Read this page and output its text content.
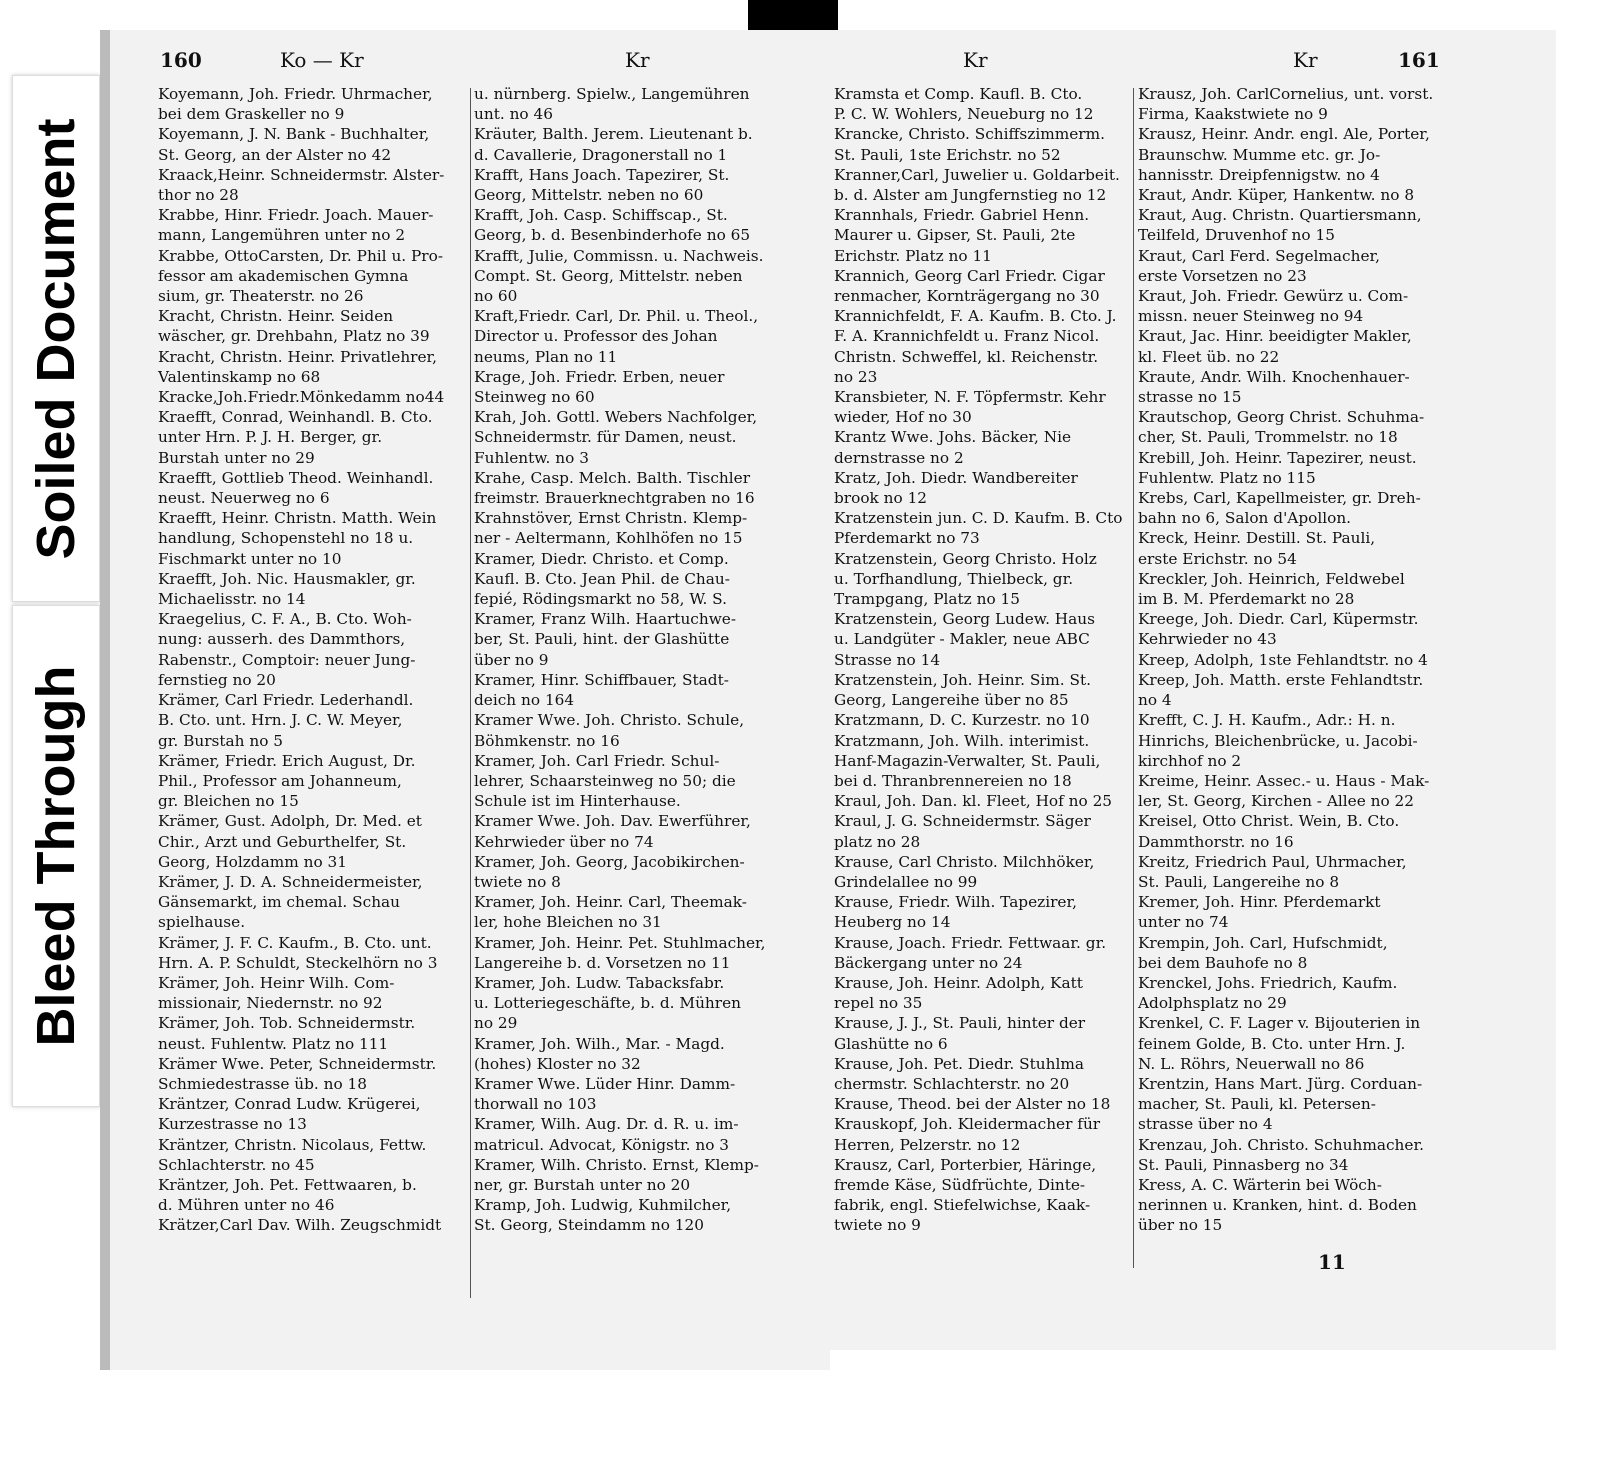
Soiled Document
Bleed Through
160	Ko — Kr	Kr

Koyemann, Joh. Friedr. Uhrmacher,

bei dem Graskeller no 9

Koyemann, J. N. Bank - Buchhalter,

St. Georg, an der Alster no 42

Kraack,Heinr. Schneidermstr. Alster-

thor no 28

Krabbe, Hinr. Friedr. Joach. Mauer-

mann, Langemühren unter no 2

Krabbe, OttoCarsten, Dr. Phil u. Pro-

fessor am akademischen Gymna

sium, gr. Theaterstr. no 26

Kracht, Christn. Heinr. Seiden

wäscher, gr. Drehbahn, Platz no 39

Kracht, Christn. Heinr. Privatlehrer,

Valentinskamp no 68

Kracke,Joh.Friedr.Mönkedamm no44

Kraefft, Conrad, Weinhandl. B. Cto.

unter Hrn. P. J. H. Berger, gr.

Burstah unter no 29

Kraefft, Gottlieb Theod. Weinhandl.

neust. Neuerweg no 6

Kraefft, Heinr. Christn. Matth. Wein

handlung, Schopenstehl no 18 u.

Fischmarkt unter no 10

Kraefft, Joh. Nic. Hausmakler, gr.

Michaelisstr. no 14

Kraegelius, C. F. A., B. Cto. Woh-

nung: ausserh. des Dammthors,

Rabenstr., Comptoir: neuer Jung-

fernstieg no 20

Krämer, Carl Friedr. Lederhandl.

B. Cto. unt. Hrn. J. C. W. Meyer,

gr. Burstah no 5

Krämer, Friedr. Erich August, Dr.

Phil., Professor am Johanneum,

gr. Bleichen no 15

Krämer, Gust. Adolph, Dr. Med. et

Chir., Arzt und Geburthelfer, St.

Georg, Holzdamm no 31

Krämer, J. D. A. Schneidermeister,

Gänsemarkt, im chemal. Schau

spielhause.

Krämer, J. F. C. Kaufm., B. Cto. unt.

Hrn. A. P. Schuldt, Steckelhörn no 3

Krämer, Joh. Heinr Wilh. Com-

missionair, Niedernstr. no 92

Krämer, Joh. Tob. Schneidermstr.

neust. Fuhlentw. Platz no 111

Krämer Wwe. Peter, Schneidermstr.

Schmiedestrasse üb. no 18

Kräntzer, Conrad Ludw. Krügerei,

Kurzestrasse no 13

Kräntzer, Christn. Nicolaus, Fettw.

Schlachterstr. no 45

Kräntzer, Joh. Pet. Fettwaaren, b.

d. Mühren unter no 46

Krätzer,Carl Dav. Wilh. Zeugschmidt

u. nürnberg. Spielw., Langemühren

unt. no 46

Kräuter, Balth. Jerem. Lieutenant b.

d. Cavallerie, Dragonerstall no 1

Krafft, Hans Joach. Tapezirer, St.

Georg, Mittelstr. neben no 60

Krafft, Joh. Casp. Schiffscap., St.

Georg, b. d. Besenbinderhofe no 65

Krafft, Julie, Commissn. u. Nachweis.

Compt. St. Georg, Mittelstr. neben

no 60

Kraft,Friedr. Carl, Dr. Phil. u. Theol.,

Director u. Professor des Johan

neums, Plan no 11

Krage, Joh. Friedr. Erben, neuer

Steinweg no 60

Krah, Joh. Gottl. Webers Nachfolger,

Schneidermstr. für Damen, neust.

Fuhlentw. no 3

Krahe, Casp. Melch. Balth. Tischler

freimstr. Brauerknechtgraben no 16

Krahnstöver, Ernst Christn. Klemp-

ner - Aeltermann, Kohlhöfen no 15

Kramer, Diedr. Christo. et Comp.

Kaufl. B. Cto. Jean Phil. de Chau-

fepié, Rödingsmarkt no 58, W. S.

Kramer, Franz Wilh. Haartuchwe-

ber, St. Pauli, hint. der Glashütte

über no 9

Kramer, Hinr. Schiffbauer, Stadt-

deich no 164

Kramer Wwe. Joh. Christo. Schule,

Böhmkenstr. no 16

Kramer, Joh. Carl Friedr. Schul-

lehrer, Schaarsteinweg no 50; die

Schule ist im Hinterhause.

Kramer Wwe. Joh. Dav. Ewerführer,

Kehrwieder über no 74

Kramer, Joh. Georg, Jacobikirchen-

twiete no 8

Kramer, Joh. Heinr. Carl, Theemak-

ler, hohe Bleichen no 31

Kramer, Joh. Heinr. Pet. Stuhlmacher,

Langereihe b. d. Vorsetzen no 11

Kramer, Joh. Ludw. Tabacksfabr.

u. Lotteriegeschäfte, b. d. Mühren

no 29

Kramer, Joh. Wilh., Mar. - Magd.

(hohes) Kloster no 32

Kramer Wwe. Lüder Hinr. Damm-

thorwall no 103

Kramer, Wilh. Aug. Dr. d. R. u. im-

matricul. Advocat, Königstr. no 3

Kramer, Wilh. Christo. Ernst, Klemp-

ner, gr. Burstah unter no 20

Kramp, Joh. Ludwig, Kuhmilcher,

St. Georg, Steindamm no 120

Kr	Kr	161

Kramsta et Comp. Kaufl. B. Cto.

P. C. W. Wohlers, Neueburg no 12

Krancke, Christo. Schiffszimmerm.

St. Pauli, 1ste Erichstr. no 52

Kranner,Carl, Juwelier u. Goldarbeit.

b. d. Alster am Jungfernstieg no 12

Krannhals, Friedr. Gabriel Henn.

Maurer u. Gipser, St. Pauli, 2te

Erichstr. Platz no 11

Krannich, Georg Carl Friedr. Cigar

renmacher, Kornträgergang no 30

Krannichfeldt, F. A. Kaufm. B. Cto. J.

F. A. Krannichfeldt u. Franz Nicol.

Christn. Schweffel, kl. Reichenstr.

no 23

Kransbieter, N. F. Töpfermstr. Kehr

wieder, Hof no 30

Krantz Wwe. Johs. Bäcker, Nie

dernstrasse no 2

Kratz, Joh. Diedr. Wandbereiter

brook no 12

Kratzenstein jun. C. D. Kaufm. B. Cto

Pferdemarkt no 73

Kratzenstein, Georg Christo. Holz

u. Torfhandlung, Thielbeck, gr.

Trampgang, Platz no 15

Kratzenstein, Georg Ludew. Haus

u. Landgüter - Makler, neue ABC

Strasse no 14

Kratzenstein, Joh. Heinr. Sim. St.

Georg, Langereihe über no 85

Kratzmann, D. C. Kurzestr. no 10

Kratzmann, Joh. Wilh. interimist.

Hanf-Magazin-Verwalter, St. Pauli,

bei d. Thranbrennereien no 18

Kraul, Joh. Dan. kl. Fleet, Hof no 25

Kraul, J. G. Schneidermstr. Säger

platz no 28

Krause, Carl Christo. Milchhöker,

Grindelallee no 99

Krause, Friedr. Wilh. Tapezirer,

Heuberg no 14

Krause, Joach. Friedr. Fettwaar. gr.

Bäckergang unter no 24

Krause, Joh. Heinr. Adolph, Katt

repel no 35

Krause, J. J., St. Pauli, hinter der

Glashütte no 6

Krause, Joh. Pet. Diedr. Stuhlma

chermstr. Schlachterstr. no 20

Krause, Theod. bei der Alster no 18

Krauskopf, Joh. Kleidermacher für

Herren, Pelzerstr. no 12

Krausz, Carl, Porterbier, Häringe,

fremde Käse, Südfrüchte, Dinte-

fabrik, engl. Stiefelwichse, Kaak-

twiete no 9

Krausz, Joh. CarlCornelius, unt. vorst.

Firma, Kaakstwiete no 9

Krausz, Heinr. Andr. engl. Ale, Porter,

Braunschw. Mumme etc. gr. Jo-

hannisstr. Dreipfennigstw. no 4

Kraut, Andr. Küper, Hankentw. no 8

Kraut, Aug. Christn. Quartiersmann,

Teilfeld, Druvenhof no 15

Kraut, Carl Ferd. Segelmacher,

erste Vorsetzen no 23

Kraut, Joh. Friedr. Gewürz u. Com-

missn. neuer Steinweg no 94

Kraut, Jac. Hinr. beeidigter Makler,

kl. Fleet üb. no 22

Kraute, Andr. Wilh. Knochenhauer-

strasse no 15

Krautschop, Georg Christ. Schuhma-

cher, St. Pauli, Trommelstr. no 18

Krebill, Joh. Heinr. Tapezirer, neust.

Fuhlentw. Platz no 115

Krebs, Carl, Kapellmeister, gr. Dreh-

bahn no 6, Salon d'Apollon.

Kreck, Heinr. Destill. St. Pauli,

erste Erichstr. no 54

Kreckler, Joh. Heinrich, Feldwebel

im B. M. Pferdemarkt no 28

Kreege, Joh. Diedr. Carl, Küpermstr.

Kehrwieder no 43

Kreep, Adolph, 1ste Fehlandtstr. no 4

Kreep, Joh. Matth. erste Fehlandtstr.

no 4

Krefft, C. J. H. Kaufm., Adr.: H. n.

Hinrichs, Bleichenbrücke, u. Jacobi-

kirchhof no 2

Kreime, Heinr. Assec.- u. Haus - Mak-

ler, St. Georg, Kirchen - Allee no 22

Kreisel, Otto Christ. Wein, B. Cto.

Dammthorstr. no 16

Kreitz, Friedrich Paul, Uhrmacher,

St. Pauli, Langereihe no 8

Kremer, Joh. Hinr. Pferdemarkt

unter no 74

Krempin, Joh. Carl, Hufschmidt,

bei dem Bauhofe no 8

Krenckel, Johs. Friedrich, Kaufm.

Adolphsplatz no 29

Krenkel, C. F. Lager v. Bijouterien in

feinem Golde, B. Cto. unter Hrn. J.

N. L. Röhrs, Neuerwall no 86

Krentzin, Hans Mart. Jürg. Corduan-

macher, St. Pauli, kl. Petersen-

strasse über no 4

Krenzau, Joh. Christo. Schuhmacher.

St. Pauli, Pinnasberg no 34

Kress, A. C. Wärterin bei Wöch-

nerinnen u. Kranken, hint. d. Boden

über no 15

11
